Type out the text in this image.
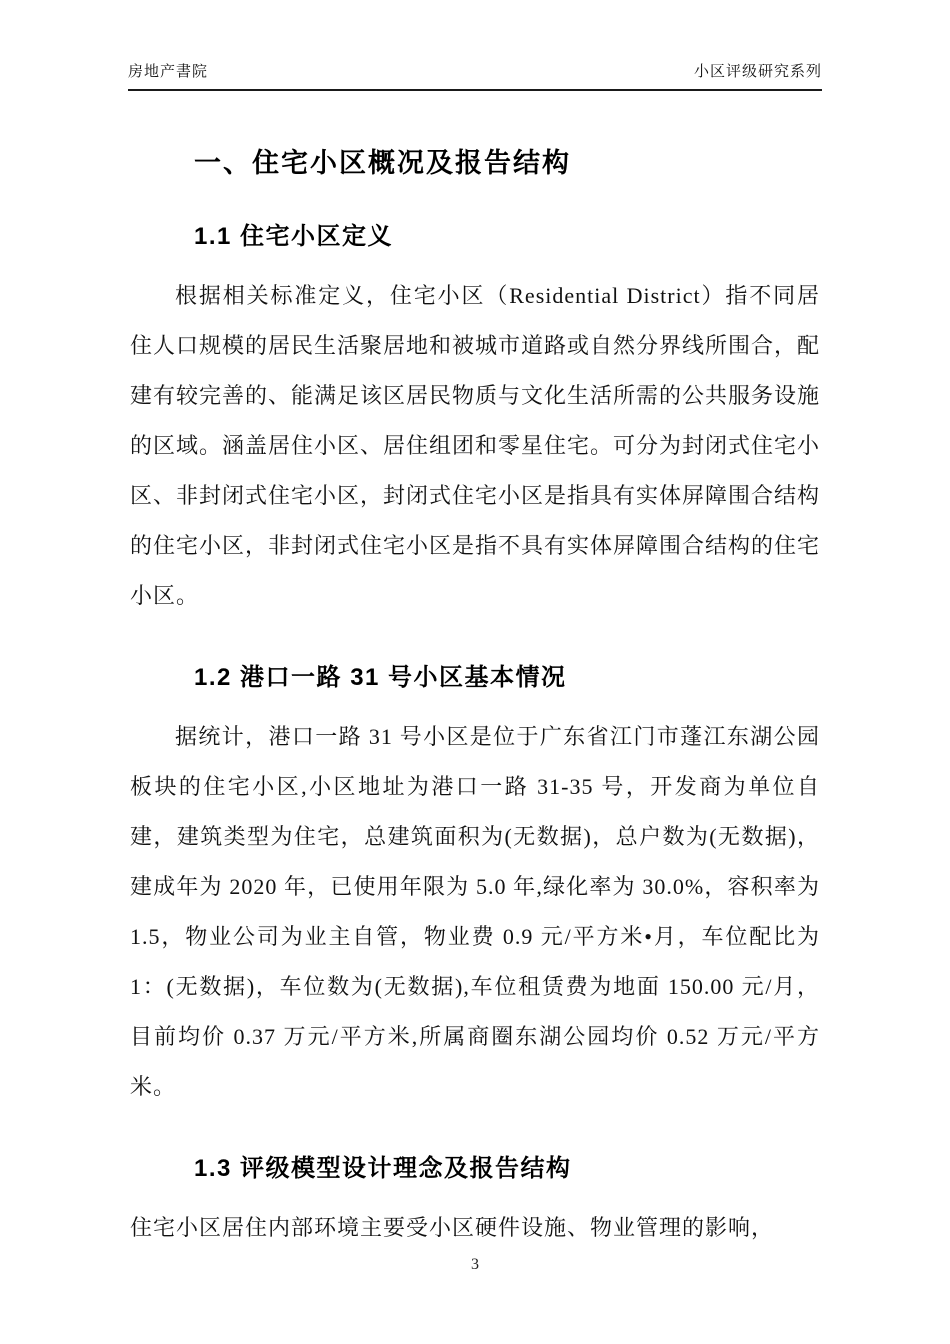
房地产書院	小区评级研究系列
一、住宅小区概况及报告结构
1.1 住宅小区定义

根据相关标准定义，住宅小区（Residential District）指不同居住人口规模的居民生活聚居地和被城市道路或自然分界线所围合，配建有较完善的、能满足该区居民物质与文化生活所需的公共服务设施的区域。涵盖居住小区、居住组团和零星住宅。可分为封闭式住宅小区、非封闭式住宅小区，封闭式住宅小区是指具有实体屏障围合结构的住宅小区，非封闭式住宅小区是指不具有实体屏障围合结构的住宅小区。

1.2 港口一路 31 号小区基本情况

据统计，港口一路 31 号小区是位于广东省江门市蓬江东湖公园板块的住宅小区,小区地址为港口一路 31-35 号，开发商为单位自建，建筑类型为住宅，总建筑面积为(无数据)，总户数为(无数据)，建成年为 2020 年，已使用年限为 5.0 年,绿化率为 30.0%，容积率为 1.5，物业公司为业主自管，物业费 0.9 元/平方米•月，车位配比为 1：(无数据)，车位数为(无数据),车位租赁费为地面 150.00 元/月，目前均价 0.37 万元/平方米,所属商圈东湖公园均价 0.52 万元/平方米。

1.3 评级模型设计理念及报告结构

住宅小区居住内部环境主要受小区硬件设施、物业管理的影响，

3
